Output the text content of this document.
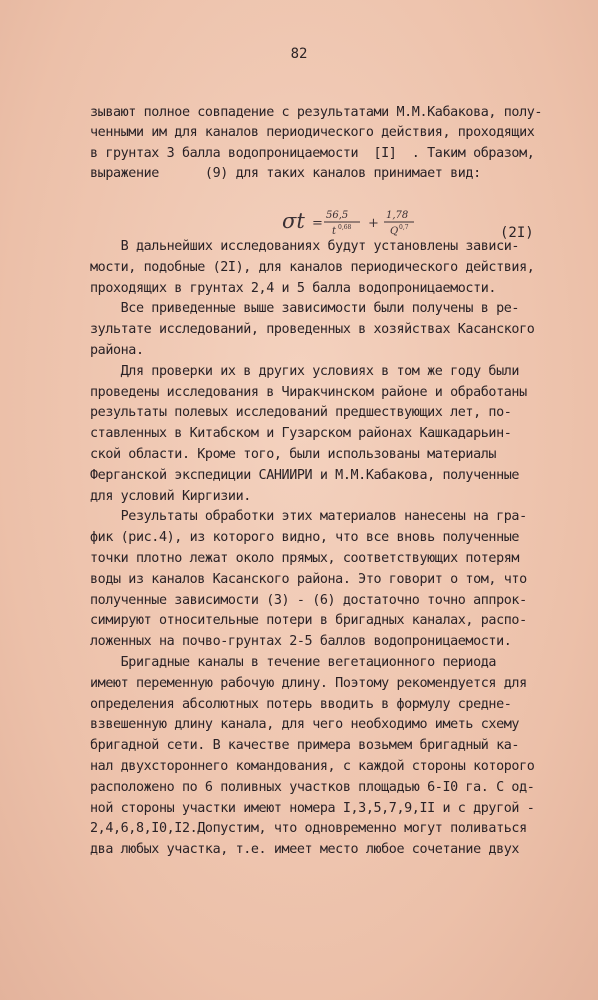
82
зывают полное совпадение с результатами М.М.Кабакова, полу-
ченными им для каналов периодического действия, проходящих
в грунтах 3 балла водопроницаемости  [I]  . Таким образом,
выражение      (9) для таких каналов принимает вид:
В дальнейших исследованиях будут установлены зависи-
мости, подобные (2I), для каналов периодического действия,
проходящих в грунтах 2,4 и 5 балла водопроницаемости.
Все приведенные выше зависимости были получены в ре-
зультате исследований, проведенных в хозяйствах Касанского
района.
Для проверки их в других условиях в том же году были
проведены исследования в Чиракчинском районе и обработаны
результаты полевых исследований предшествующих лет, по-
ставленных в Китабском и Гузарском районах Кашкадарьин-
ской области. Кроме того, были использованы материалы
Ферганской экспедиции САНИИРИ и М.М.Кабакова, полученные
для условий Киргизии.
Результаты обработки этих материалов нанесены на гра-
фик (рис.4), из которого видно, что все вновь полученные
точки плотно лежат около прямых, соответствующих потерям
воды из каналов Касанского района. Это говорит о том, что
полученные зависимости (3) - (6) достаточно точно аппрок-
симируют относительные потери в бригадных каналах, распо-
ложенных на почво-грунтах 2-5 баллов водопроницаемости.
Бригадные каналы в течение вегетационного периода
имеют переменную рабочую длину. Поэтому рекомендуется для
определения абсолютных потерь вводить в формулу средне-
взвешенную длину канала, для чего необходимо иметь схему
бригадной сети. В качестве примера возьмем бригадный ка-
нал двухстороннего командования, с каждой стороны которого
расположено по 6 поливных участков площадью 6-I0 га. С од-
ной стороны участки имеют номера I,3,5,7,9,II и с другой -
2,4,6,8,I0,I2.Допустим, что одновременно могут поливаться
два любых участка, т.е. имеет место любое сочетание двух
σt =
56,5
t 0,68 +
1,78
Q 0,7	(2I)
